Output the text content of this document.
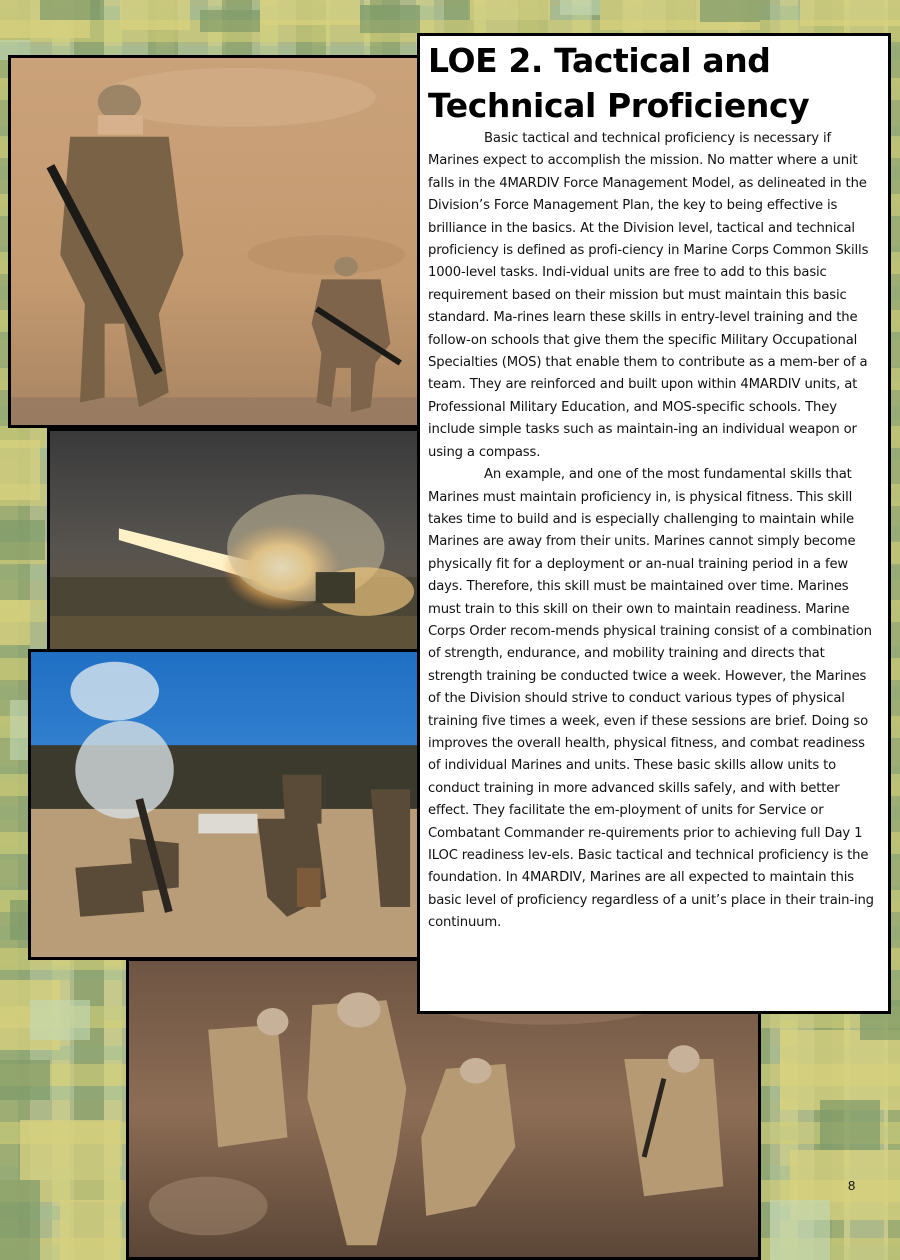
LOE 2. Tactical and Technical Proficiency

Basic tactical and technical proficiency is necessary if Marines expect to accomplish the mission. No matter where a unit falls in the 4MARDIV Force Management Model, as delineated in the Division’s Force Management Plan, the key to being effective is brilliance in the basics. At the Division level, tactical and technical proficiency is defined as profi-ciency in Marine Corps Common Skills 1000-level tasks. Indi-vidual units are free to add to this basic requirement based on their mission but must maintain this basic standard. Ma-rines learn these skills in entry-level training and the follow-on schools that give them the specific Military Occupational Specialties (MOS) that enable them to contribute as a mem-ber of a team. They are reinforced and built upon within 4MARDIV units, at Professional Military Education, and MOS-specific schools. They include simple tasks such as maintain-ing an individual weapon or using a compass.

An example, and one of the most fundamental skills that Marines must maintain proficiency in, is physical fitness. This skill takes time to build and is especially challenging to maintain while Marines are away from their units. Marines cannot simply become physically fit for a deployment or an-nual training period in a few days. Therefore, this skill must be maintained over time. Marines must train to this skill on their own to maintain readiness. Marine Corps Order recom-mends physical training consist of a combination of strength, endurance, and mobility training and directs that strength training be conducted twice a week. However, the Marines of the Division should strive to conduct various types of physical training five times a week, even if these sessions are brief. Doing so improves the overall health, physical fitness, and combat readiness of individual Marines and units. These basic skills allow units to conduct training in more advanced skills safely, and with better effect. They facilitate the em-ployment of units for Service or Combatant Commander re-quirements prior to achieving full Day 1 ILOC readiness lev-els. Basic tactical and technical proficiency is the foundation. In 4MARDIV, Marines are all expected to maintain this basic level of proficiency regardless of a unit’s place in their train-ing continuum.

8
